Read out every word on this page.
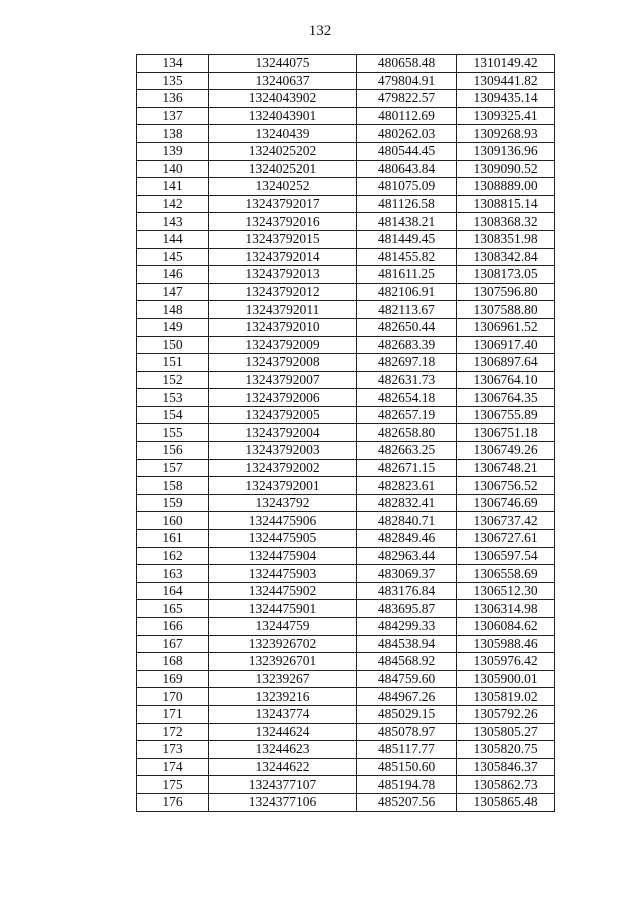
132
134	13244075	480658.48	1310149.42
135	13240637	479804.91	1309441.82
136	1324043902	479822.57	1309435.14
137	1324043901	480112.69	1309325.41
138	13240439	480262.03	1309268.93
139	1324025202	480544.45	1309136.96
140	1324025201	480643.84	1309090.52
141	13240252	481075.09	1308889.00
142	13243792017	481126.58	1308815.14
143	13243792016	481438.21	1308368.32
144	13243792015	481449.45	1308351.98
145	13243792014	481455.82	1308342.84
146	13243792013	481611.25	1308173.05
147	13243792012	482106.91	1307596.80
148	13243792011	482113.67	1307588.80
149	13243792010	482650.44	1306961.52
150	13243792009	482683.39	1306917.40
151	13243792008	482697.18	1306897.64
152	13243792007	482631.73	1306764.10
153	13243792006	482654.18	1306764.35
154	13243792005	482657.19	1306755.89
155	13243792004	482658.80	1306751.18
156	13243792003	482663.25	1306749.26
157	13243792002	482671.15	1306748.21
158	13243792001	482823.61	1306756.52
159	13243792	482832.41	1306746.69
160	1324475906	482840.71	1306737.42
161	1324475905	482849.46	1306727.61
162	1324475904	482963.44	1306597.54
163	1324475903	483069.37	1306558.69
164	1324475902	483176.84	1306512.30
165	1324475901	483695.87	1306314.98
166	13244759	484299.33	1306084.62
167	1323926702	484538.94	1305988.46
168	1323926701	484568.92	1305976.42
169	13239267	484759.60	1305900.01
170	13239216	484967.26	1305819.02
171	13243774	485029.15	1305792.26
172	13244624	485078.97	1305805.27
173	13244623	485117.77	1305820.75
174	13244622	485150.60	1305846.37
175	1324377107	485194.78	1305862.73
176	1324377106	485207.56	1305865.48
